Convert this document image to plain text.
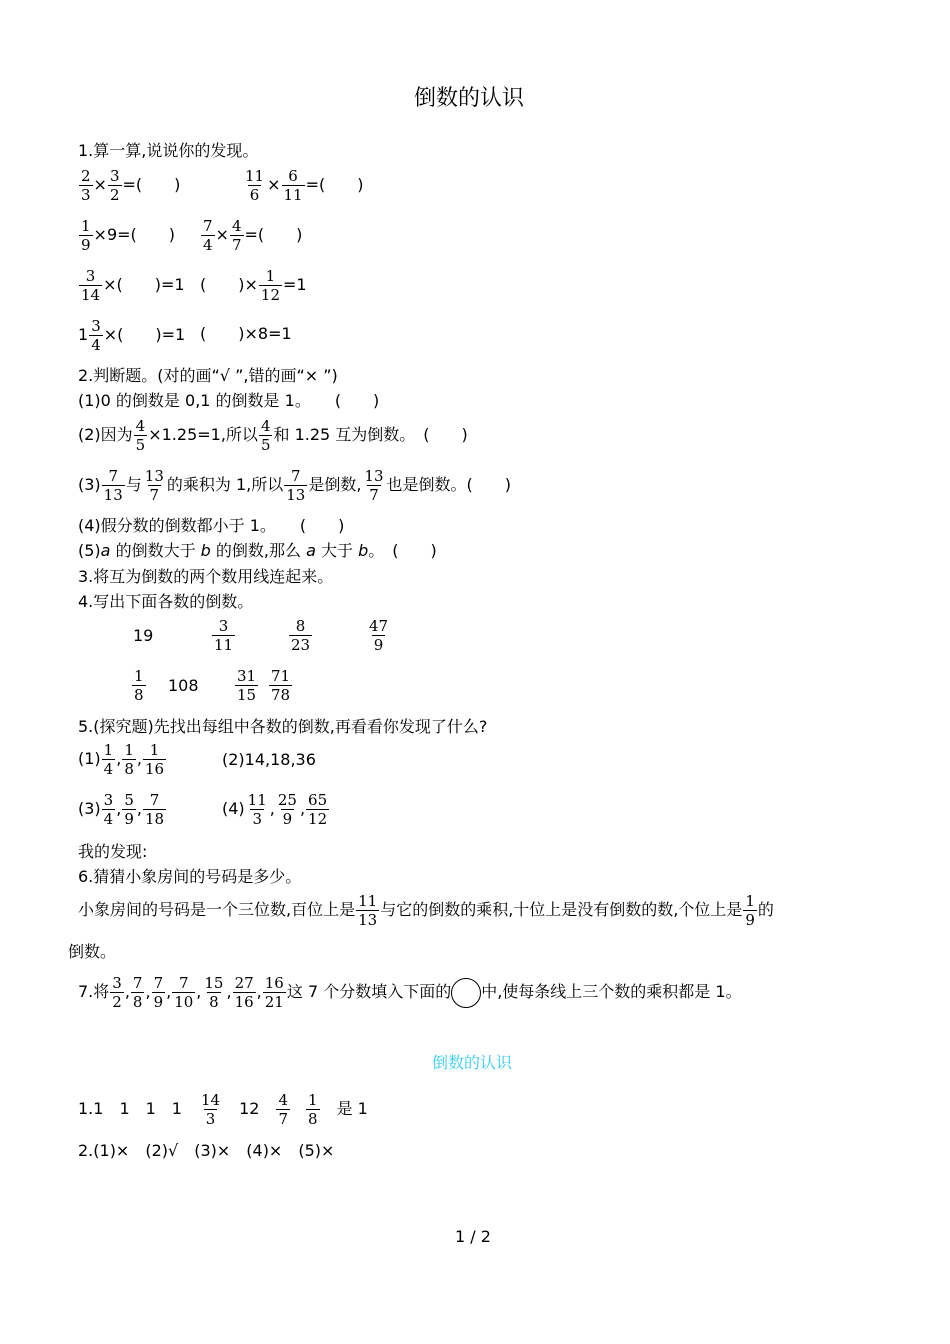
倒数的认识
1.算一算,说说你的发现。
$\frac{2}{3} \times \frac{3}{2}$ =(　　)	$\frac{11}{6} \times \frac{6}{11}$ =(　　)
$\frac{1}{9} \times 9=$(　　) $\frac{7}{4} \times \frac{4}{7}$ =(　　)
$\frac{3}{14}$ ×(　　)=1 (　　)× $\frac{1}{12} =1$
$1 \frac{3}{4}$ ×(　　)=1 (　　)×8=1
2.判断题。(对的画“√ ”,错的画“× ”)
(1)0 的倒数是 0,1 的倒数是 1。　　(　　)
(2)因为 $\frac{4}{5} \times 1.25=1$,所以 $\frac{4}{5}$ 和 1.25 互为倒数。　(　　)
$(3) \frac{7}{13}$ 与 $\frac{13}{7}$ 的乘积为 1,所以 $\frac{7}{13}$ 是倒数, $\frac{13}{7}$ 也是倒数。(　　)
(4)假分数的倒数都小于 1。　　(　　)
(5)a 的倒数大于 b 的倒数,那么 a 大于 b。　(　　)
3.将互为倒数的两个数用线连起来。
4.写出下面各数的倒数。
19	$\frac{3}{11}$	$\frac{8}{23}$	$\frac{47}{9}$
$\frac{1}{8} 108 \frac{31}{15} \frac{71}{78}$
5.(探究题)先找出每组中各数的倒数,再看看你发现了什么?
$(1) \frac{1}{4}$ , $\frac{1}{8}$ , $\frac{1}{16}$	(2)14,18,36
$(3) \frac{3}{4}$ , $\frac{5}{9}$ , $\frac{7}{18}$	$(4) \frac{11}{3}$ , $\frac{25}{9}$ , $\frac{65}{12}$
我的发现:
6.猜猜小象房间的号码是多少。
小象房间的号码是一个三位数,百位上是 $\frac{11}{13}$ 与它的倒数的乘积,十位上是没有倒数的数,个位上是 $\frac{1}{9}$ 的
倒数。
7.将 $\frac{3}{2}$ , $\frac{7}{8}$ , $\frac{7}{9}$ , $\frac{7}{10}$ , $\frac{15}{8}$ , $\frac{27}{16}$ , $\frac{16}{21}$ 这 7 个分数填入下面的 中,使每条线上三个数的乘积都是 1。
倒数的认识
1.1　1　1　1　 $\frac{14}{3}$ 　12　 $\frac{4}{7} \frac{1}{8}$ 　是 1
2.(1)×　(2)√　(3)×　(4)×　(5)×
1 / 2
